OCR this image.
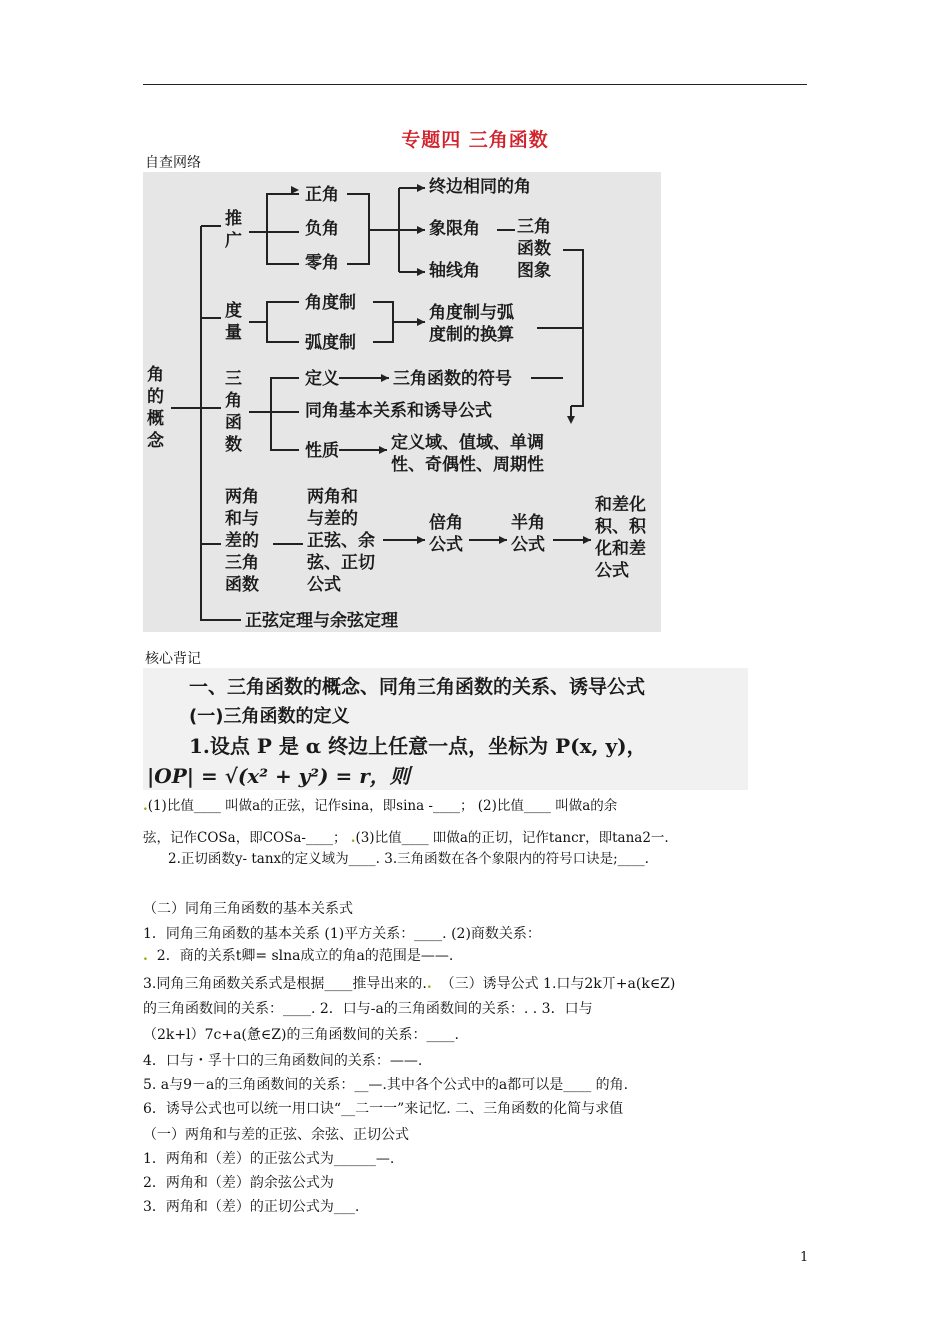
专题四 三角函数
自查网络
角
的
概
念
推
广
度
量
三
角
函
数
两角
和与
差的
三角
函数
正角
负角
零角
终边相同的角
象限角
轴线角
三角
函数
图象
角度制
弧度制
角度制与弧
度制的换算
定义	三角函数的符号
同角基本关系和诱导公式
性质	定义域、值域、单调
性、奇偶性、周期性
两角和
与差的
正弦、余
弦、正切
公式
倍角
公式
半角
公式
和差化
积、积
化和差
公式
正弦定理与余弦定理
核心背记
一、三角函数的概念、同角三角函数的关系、诱导公式
(一)三角函数的定义
1.设点 P 是 α 终边上任意一点，坐标为 P(x, y)，
|OP| = √(x² + y²) = r，则
.(1)比值____ 叫做a的正弦，记作sina，即sina -____； (2)比值____ 叫做a的余
弦，记作COSa，即COSa-____； .(3)比值____ 吅做a的正切，记作tancr，即tana2一.
2.正切函数y- tanx的定义域为____. 3.三角函数在各个象限内的符号口诀是;____.
（二）同角三角函数的基本关系式
1．同角三角函数的基本关系 (1)平方关系：____. (2)商数关系：
. 2．商的关系t卿= slna成立的角a的范围是——.
3.同角三角函数关系式是根据____推导出来的.. （三）诱导公式 1.口与2k丌+a(k∈Z)
的三角函数间的关系：____. 2．口与-a的三角函数间的关系：. . 3．口与
（2k+l）7c+a(惫∈Z)的三角函数间的关系：____.
4．口与・孚十口的三角函数间的关系：——.
5. a与9－a的三角函数间的关系：__—.其中各个公式中的a都可以是____ 的角.
6．诱导公式也可以统一用口诀“__二一一”来记忆. 二、三角函数的化简与求值
（一）两角和与差的正弦、余弦、正切公式
1．两角和（差）的正弦公式为______—.
2．两角和（差）韵余弦公式为
3．两角和（差）的正切公式为___.
1
